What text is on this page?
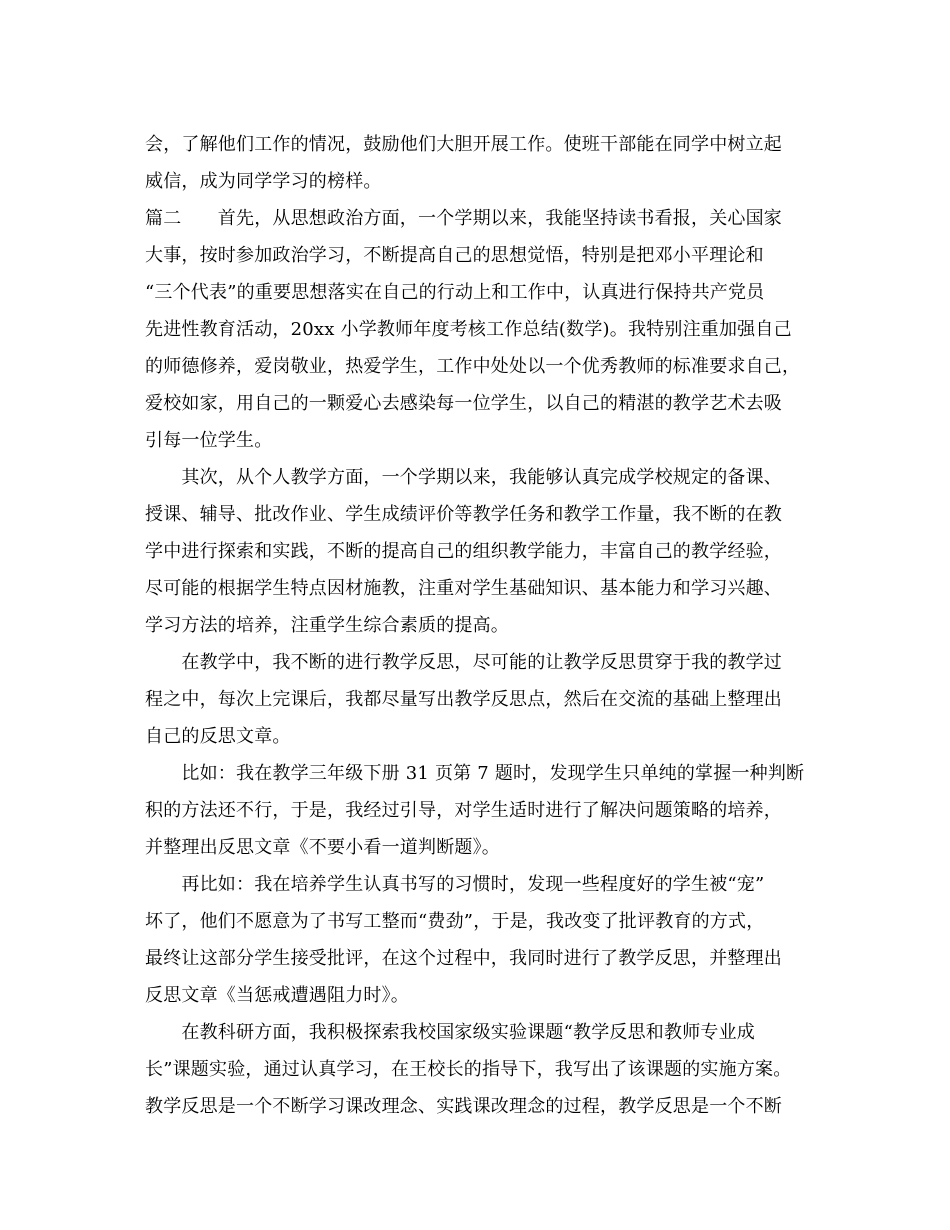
会，了解他们工作的情况，鼓励他们大胆开展工作。使班干部能在同学中树立起
威信，成为同学学习的榜样。
篇二　　首先，从思想政治方面，一个学期以来，我能坚持读书看报，关心国家
大事，按时参加政治学习，不断提高自己的思想觉悟，特别是把邓小平理论和
“三个代表”的重要思想落实在自己的行动上和工作中，认真进行保持共产党员
先进性教育活动，20xx 小学教师年度考核工作总结(数学)。我特别注重加强自己
的师德修养，爱岗敬业，热爱学生，工作中处处以一个优秀教师的标准要求自己，
爱校如家，用自己的一颗爱心去感染每一位学生，以自己的精湛的教学艺术去吸
引每一位学生。
　　其次，从个人教学方面，一个学期以来，我能够认真完成学校规定的备课、
授课、辅导、批改作业、学生成绩评价等教学任务和教学工作量，我不断的在教
学中进行探索和实践，不断的提高自己的组织教学能力，丰富自己的教学经验，
尽可能的根据学生特点因材施教，注重对学生基础知识、基本能力和学习兴趣、
学习方法的培养，注重学生综合素质的提高。
　　在教学中，我不断的进行教学反思，尽可能的让教学反思贯穿于我的教学过
程之中，每次上完课后，我都尽量写出教学反思点，然后在交流的基础上整理出
自己的反思文章。
　　比如：我在教学三年级下册 31 页第 7 题时，发现学生只单纯的掌握一种判断
积的方法还不行，于是，我经过引导，对学生适时进行了解决问题策略的培养，
并整理出反思文章《不要小看一道判断题》。
　　再比如：我在培养学生认真书写的习惯时，发现一些程度好的学生被“宠”
坏了，他们不愿意为了书写工整而“费劲”，于是，我改变了批评教育的方式，
最终让这部分学生接受批评，在这个过程中，我同时进行了教学反思，并整理出
反思文章《当惩戒遭遇阻力时》。
　　在教科研方面，我积极探索我校国家级实验课题“教学反思和教师专业成
长”课题实验，通过认真学习，在王校长的指导下，我写出了该课题的实施方案。
教学反思是一个不断学习课改理念、实践课改理念的过程，教学反思是一个不断
